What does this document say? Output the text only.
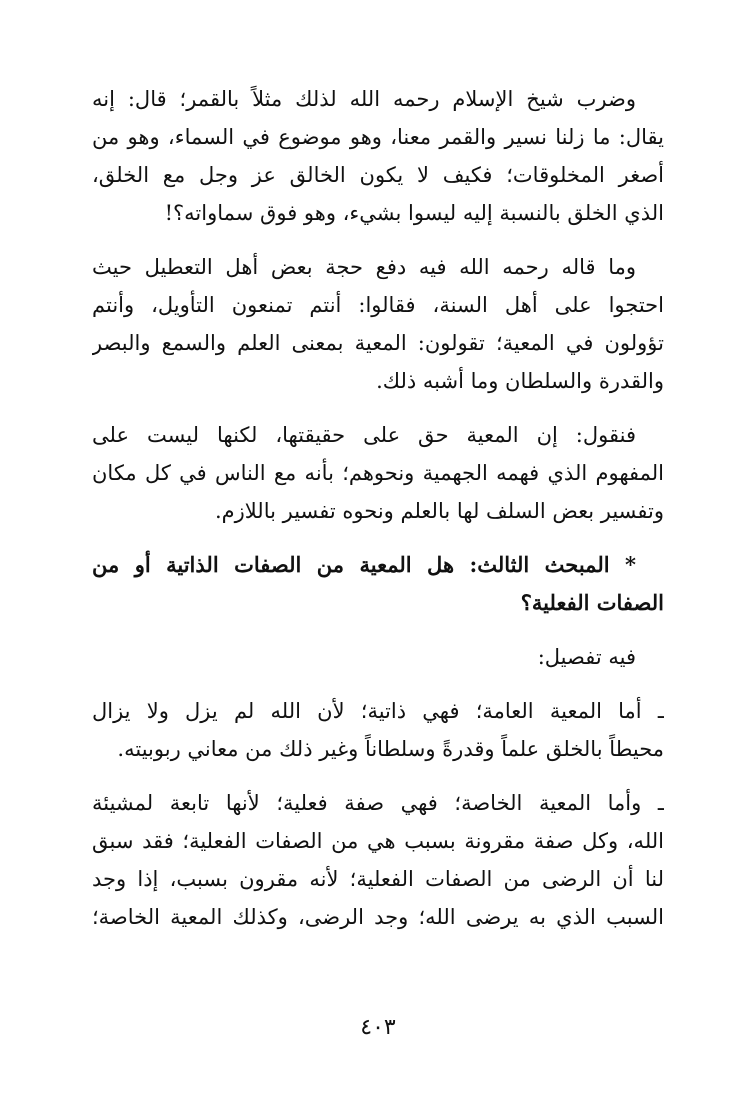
وضرب شيخ الإسلام رحمه الله لذلك مثلاً بالقمر؛ قال: إنه
يقال: ما زلنا نسير والقمر معنا، وهو موضوع في السماء، وهو من
أصغر المخلوقات؛ فكيف لا يكون الخالق عز وجل مع الخلق،
الذي الخلق بالنسبة إليه ليسوا بشيء، وهو فوق سماواته؟!
وما قاله رحمه الله فيه دفع حجة بعض أهل التعطيل حيث
احتجوا على أهل السنة، فقالوا: أنتم تمنعون التأويل، وأنتم
تؤولون في المعية؛ تقولون: المعية بمعنى العلم والسمع والبصر
والقدرة والسلطان وما أشبه ذلك.
فنقول: إن المعية حق على حقيقتها، لكنها ليست على
المفهوم الذي فهمه الجهمية ونحوهم؛ بأنه مع الناس في كل مكان
وتفسير بعض السلف لها بالعلم ونحوه تفسير باللازم.
* المبحث الثالث: هل المعية من الصفات الذاتية أو من
الصفات الفعلية؟
فيه تفصيل:
ـ أما المعية العامة؛ فهي ذاتية؛ لأن الله لم يزل ولا يزال
محيطاً بالخلق علماً وقدرةً وسلطاناً وغير ذلك من معاني ربوبيته.
ـ وأما المعية الخاصة؛ فهي صفة فعلية؛ لأنها تابعة لمشيئة
الله، وكل صفة مقرونة بسبب هي من الصفات الفعلية؛ فقد سبق
لنا أن الرضى من الصفات الفعلية؛ لأنه مقرون بسبب، إذا وجد
السبب الذي به يرضى الله؛ وجد الرضى، وكذلك المعية الخاصة؛
٤٠٣
